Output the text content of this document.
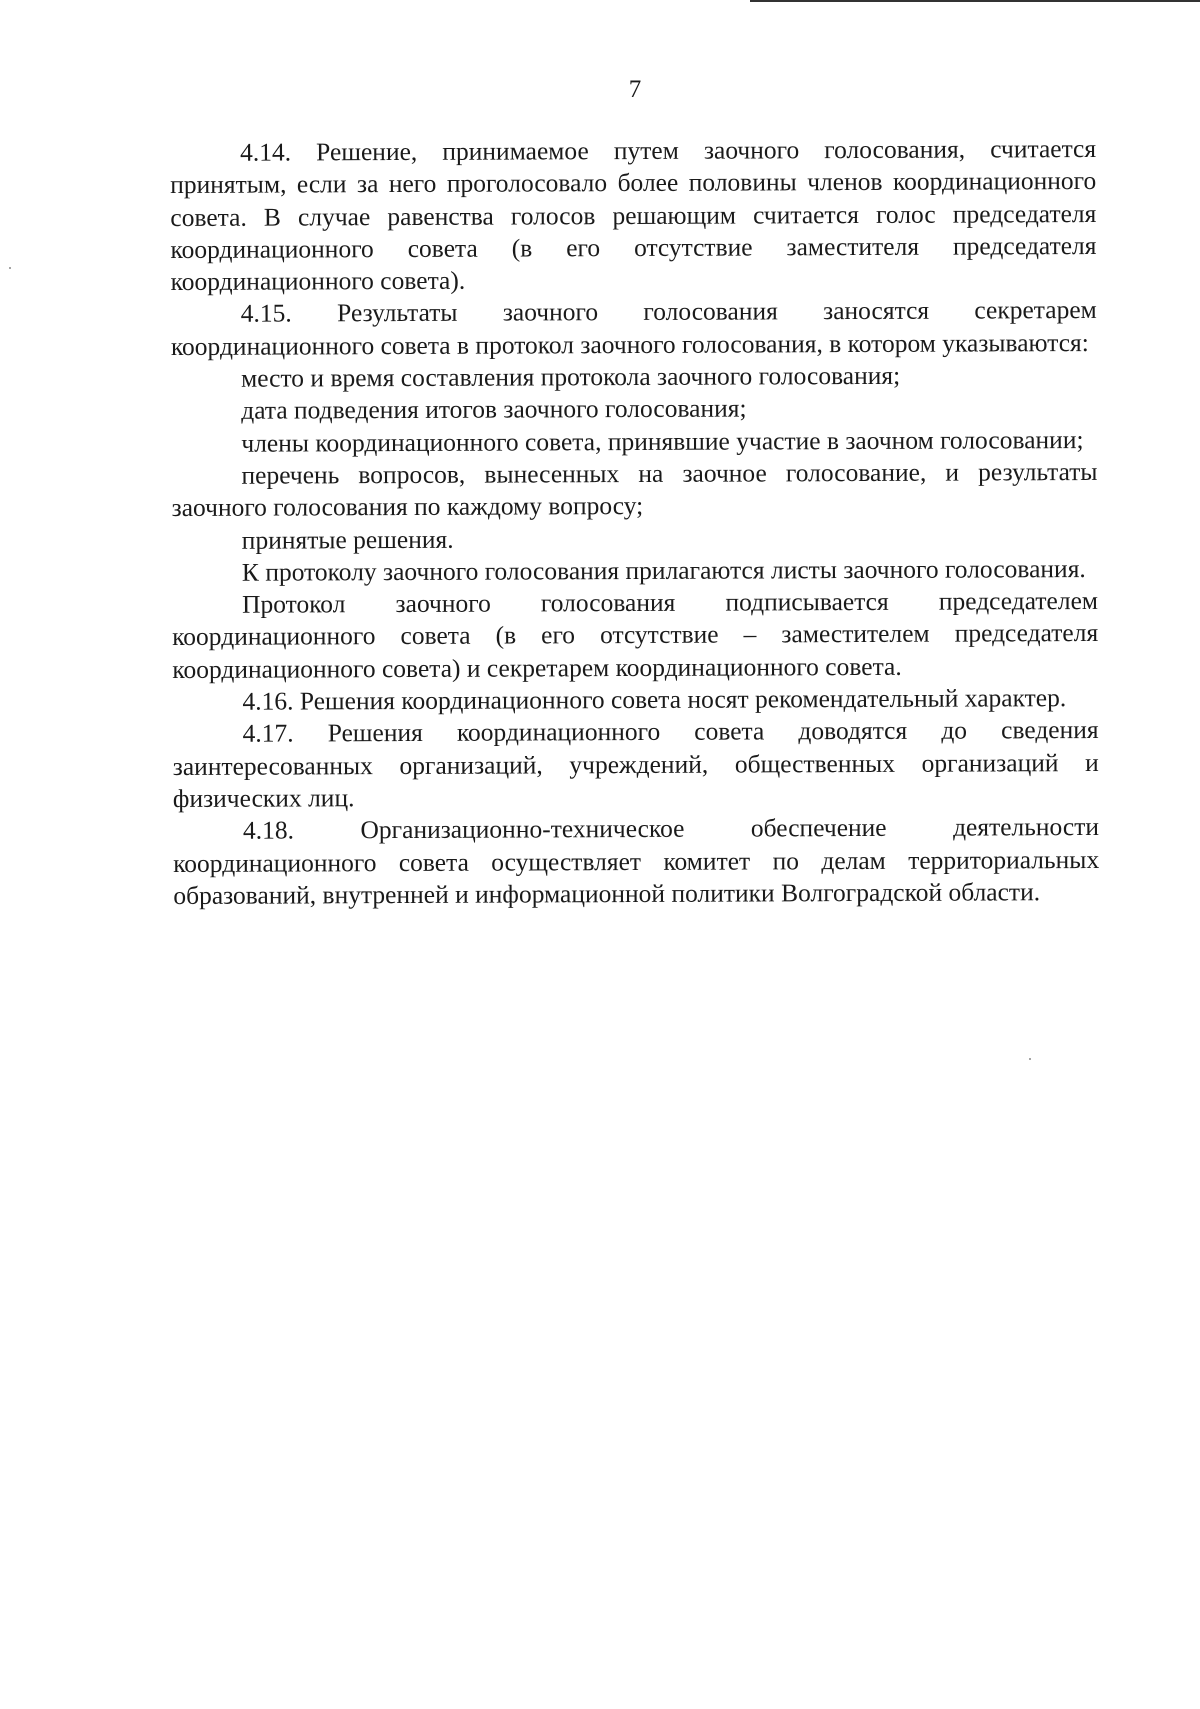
7

4.14. Решение, принимаемое путем заочного голосования, считается принятым, если за него проголосовало более половины членов координационного совета. В случае равенства голосов решающим считается голос председателя координационного совета (в его отсутствие заместителя председателя координационного совета).

4.15. Результаты заочного голосования заносятся секретарем координационного совета в протокол заочного голосования, в котором указываются:

место и время составления протокола заочного голосования;

дата подведения итогов заочного голосования;

члены координационного совета, принявшие участие в заочном голосовании;

перечень вопросов, вынесенных на заочное голосование, и результаты заочного голосования по каждому вопросу;

принятые решения.

К протоколу заочного голосования прилагаются листы заочного голосования.

Протокол заочного голосования подписывается председателем координационного совета (в его отсутствие – заместителем председателя координационного совета) и секретарем координационного совета.

4.16. Решения координационного совета носят рекомендательный характер.

4.17. Решения координационного совета доводятся до сведения заинтересованных организаций, учреждений, общественных организаций и физических лиц.

4.18. Организационно-техническое обеспечение деятельности координационного совета осуществляет комитет по делам территориальных образований, внутренней и информационной политики Волгоградской области.
